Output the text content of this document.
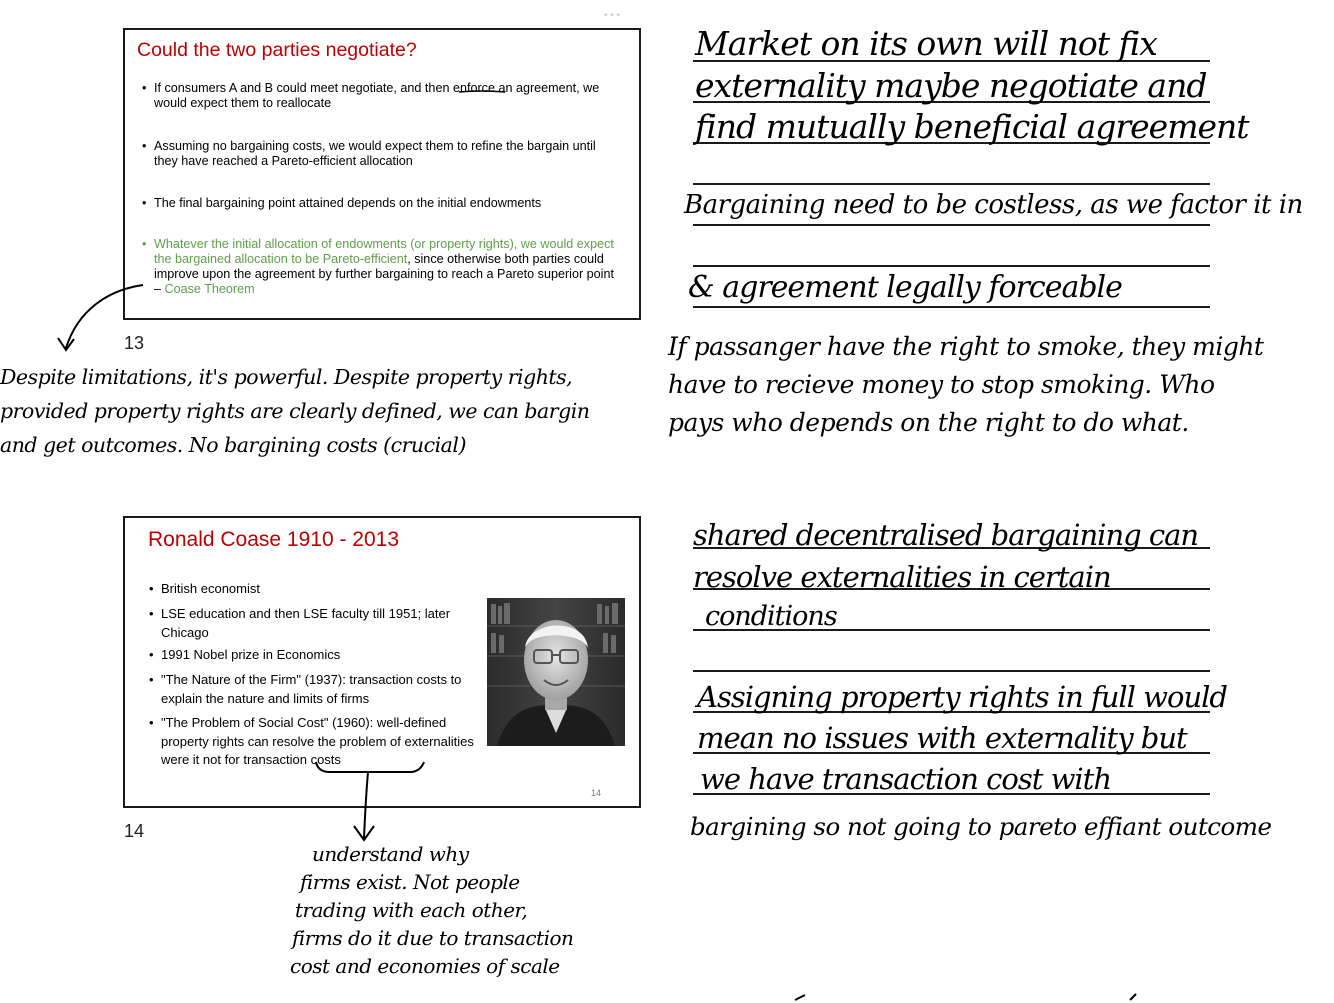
• • •
Could the two parties negotiate?
• If consumers A and B could meet negotiate, and then enforce an agreement, we would expect them to reallocate
• Assuming no bargaining costs, we would expect them to refine the bargain until they have reached a Pareto-efficient allocation
• The final bargaining point attained depends on the initial endowments
• Whatever the initial allocation of endowments (or property rights), we would expect the bargained allocation to be Pareto-efficient, since otherwise both parties could improve upon the agreement by further bargaining to reach a Pareto superior point – Coase Theorem
13
Ronald Coase 1910 - 2013
• British economist
• LSE education and then LSE faculty till 1951; later Chicago
• 1991 Nobel prize in Economics
• "The Nature of the Firm" (1937): transaction costs to explain the nature and limits of firms
• "The Problem of Social Cost" (1960): well-defined property rights can resolve the problem of externalities were it not for transaction costs
14
14
Market on its own will not fix
externality maybe negotiate and
find mutually beneficial agreement
Bargaining need to be costless, as we factor it in
& agreement legally forceable
If passanger have the right to smoke, they might
have to recieve money to stop smoking. Who
pays who depends on the right to do what.
Despite limitations, it's powerful. Despite property rights,
provided property rights are clearly defined, we can bargin
and get outcomes. No bargining costs (crucial)
shared decentralised bargaining can
resolve externalities in certain
conditions
Assigning property rights in full would
mean no issues with externality but
we have transaction cost with
bargining so not going to pareto effiant outcome
understand why
firms exist. Not people
trading with each other,
firms do it due to transaction
cost and economies of scale
